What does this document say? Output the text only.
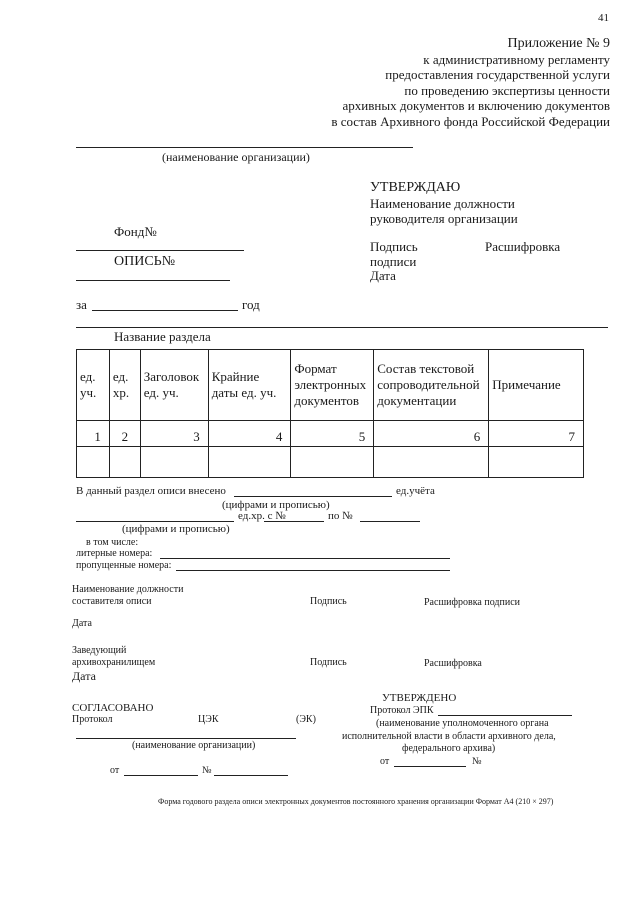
41
Приложение № 9
к административному регламенту
предоставления государственной услуги
по проведению экспертизы ценности
архивных документов и включению документов
в состав Архивного фонда Российской Федерации
(наименование организации)
УТВЕРЖДАЮ
Наименование должности
руководителя организации
Подпись	Расшифровка
подписи
Дата
Фонд№
ОПИСЬ№
за	год
Название раздела
ед. уч.	ед. хр.	Заголовок ед. уч.	Крайние даты ед. уч.	Формат электронных документов	Состав текстовой сопроводительной документации	Примечание
1	2	3	4	5	6	7

В данный раздел описи внесено	ед.учёта
(цифрами и прописью)
ед.хр. с №	по №
(цифрами и прописью)
в том числе:
литерные номера:
пропущенные номера:
Наименование должности
составителя описи	Подпись	Расшифровка подписи
Дата
Заведующий
архивохранилищем	Подпись	Расшифровка
Дата
СОГЛАСОВАНО
Протокол	ЦЭК	(ЭК)
(наименование организации)
от	№
УТВЕРЖДЕНО
Протокол ЭПК
(наименование уполномоченного органа
исполнительной власти в области архивного дела,
федерального архива)
от	№
Форма годового раздела описи электронных документов постоянного хранения организации Формат А4 (210 × 297)
